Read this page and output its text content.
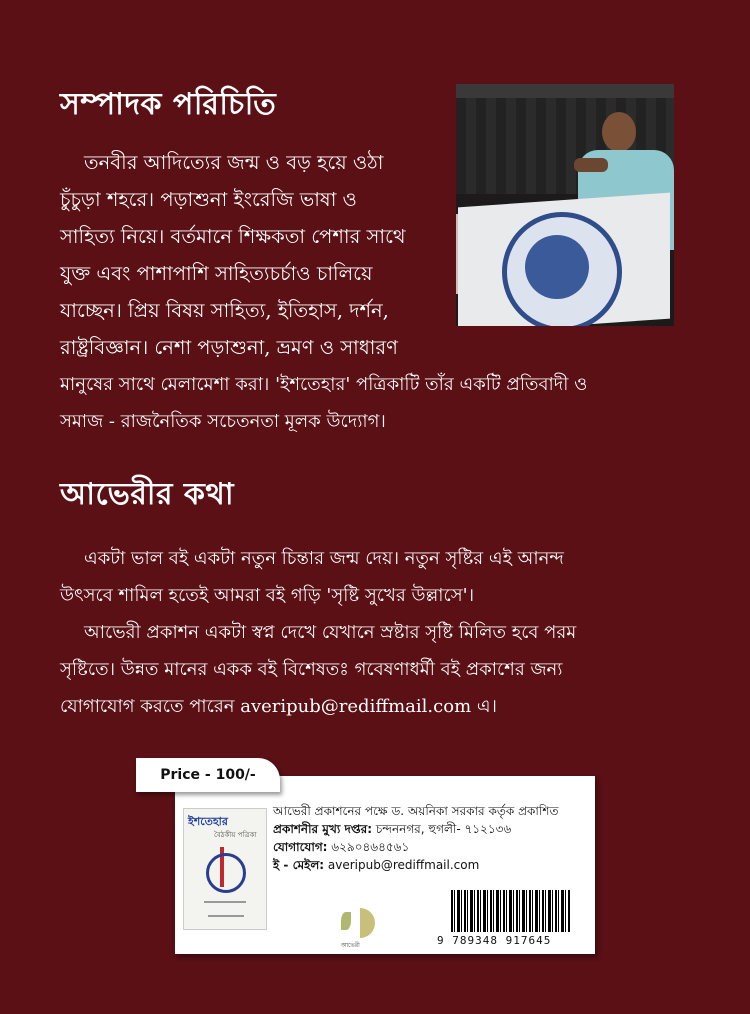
সম্পাদক পরিচিতি

তনবীর আদিত্যের জন্ম ও বড় হয়ে ওঠা

চুঁচুড়া শহরে। পড়াশুনা ইংরেজি ভাষা ও

সাহিত্য নিয়ে। বর্তমানে শিক্ষকতা পেশার সাথে

যুক্ত এবং পাশাপাশি সাহিত্যচর্চাও চালিয়ে

যাচ্ছেন। প্রিয় বিষয় সাহিত্য, ইতিহাস, দর্শন,

রাষ্ট্রবিজ্ঞান। নেশা পড়াশুনা, ভ্রমণ ও সাধারণ

মানুষের সাথে মেলামেশা করা। 'ইশতেহার' পত্রিকাটি তাঁর একটি প্রতিবাদী ও

সমাজ - রাজনৈতিক সচেতনতা মূলক উদ্যোগ।

আভেরীর কথা

একটা ভাল বই একটা নতুন চিন্তার জন্ম দেয়। নতুন সৃষ্টির এই আনন্দ

উৎসবে শামিল হতেই আমরা বই গড়ি 'সৃষ্টি সুখের উল্লাসে'।

আভেরী প্রকাশন একটা স্বপ্ন দেখে যেখানে স্রষ্টার সৃষ্টি মিলিত হবে পরম

সৃষ্টিতে। উন্নত মানের একক বই বিশেষতঃ গবেষণাধর্মী বই প্রকাশের জন্য

যোগাযোগ করতে পারেন averipub@rediffmail.com এ।

ইশতেহার
বৈঠকীয় পত্রিকা
আভেরী প্রকাশনের পক্ষে ড. অয়নিকা সরকার কর্তৃক প্রকাশিত
প্রকাশনীর মুখ্য দপ্তর: চন্দননগর, হুগলী- ৭১২১৩৬
যোগাযোগ: ৬২৯০৪৬৪৫৬১
ই - মেইল: averipub@rediffmail.com
আভেরী	9 789348 917645
Price - 100/-
